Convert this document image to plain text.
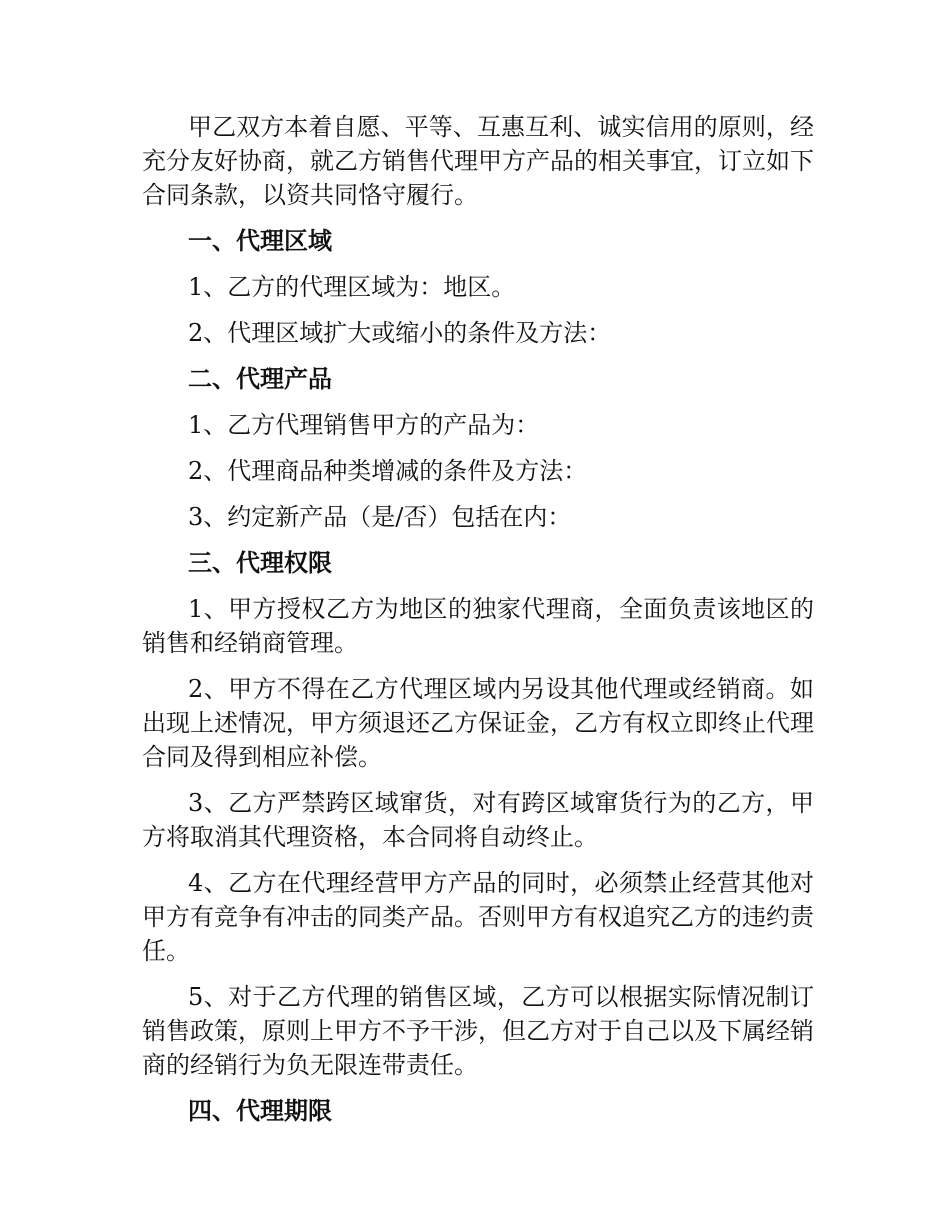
甲乙双方本着自愿、平等、互惠互利、诚实信用的原则，经充分友好协商，就乙方销售代理甲方产品的相关事宜，订立如下合同条款，以资共同恪守履行。

一、代理区域

1、乙方的代理区域为：地区。

2、代理区域扩大或缩小的条件及方法：

二、代理产品

1、乙方代理销售甲方的产品为：

2、代理商品种类增减的条件及方法：

3、约定新产品（是/否）包括在内：

三、代理权限

1、甲方授权乙方为地区的独家代理商，全面负责该地区的销售和经销商管理。

2、甲方不得在乙方代理区域内另设其他代理或经销商。如出现上述情况，甲方须退还乙方保证金，乙方有权立即终止代理合同及得到相应补偿。

3、乙方严禁跨区域窜货，对有跨区域窜货行为的乙方，甲方将取消其代理资格，本合同将自动终止。

4、乙方在代理经营甲方产品的同时，必须禁止经营其他对甲方有竞争有冲击的同类产品。否则甲方有权追究乙方的违约责任。

5、对于乙方代理的销售区域，乙方可以根据实际情况制订销售政策，原则上甲方不予干涉，但乙方对于自己以及下属经销商的经销行为负无限连带责任。

四、代理期限
